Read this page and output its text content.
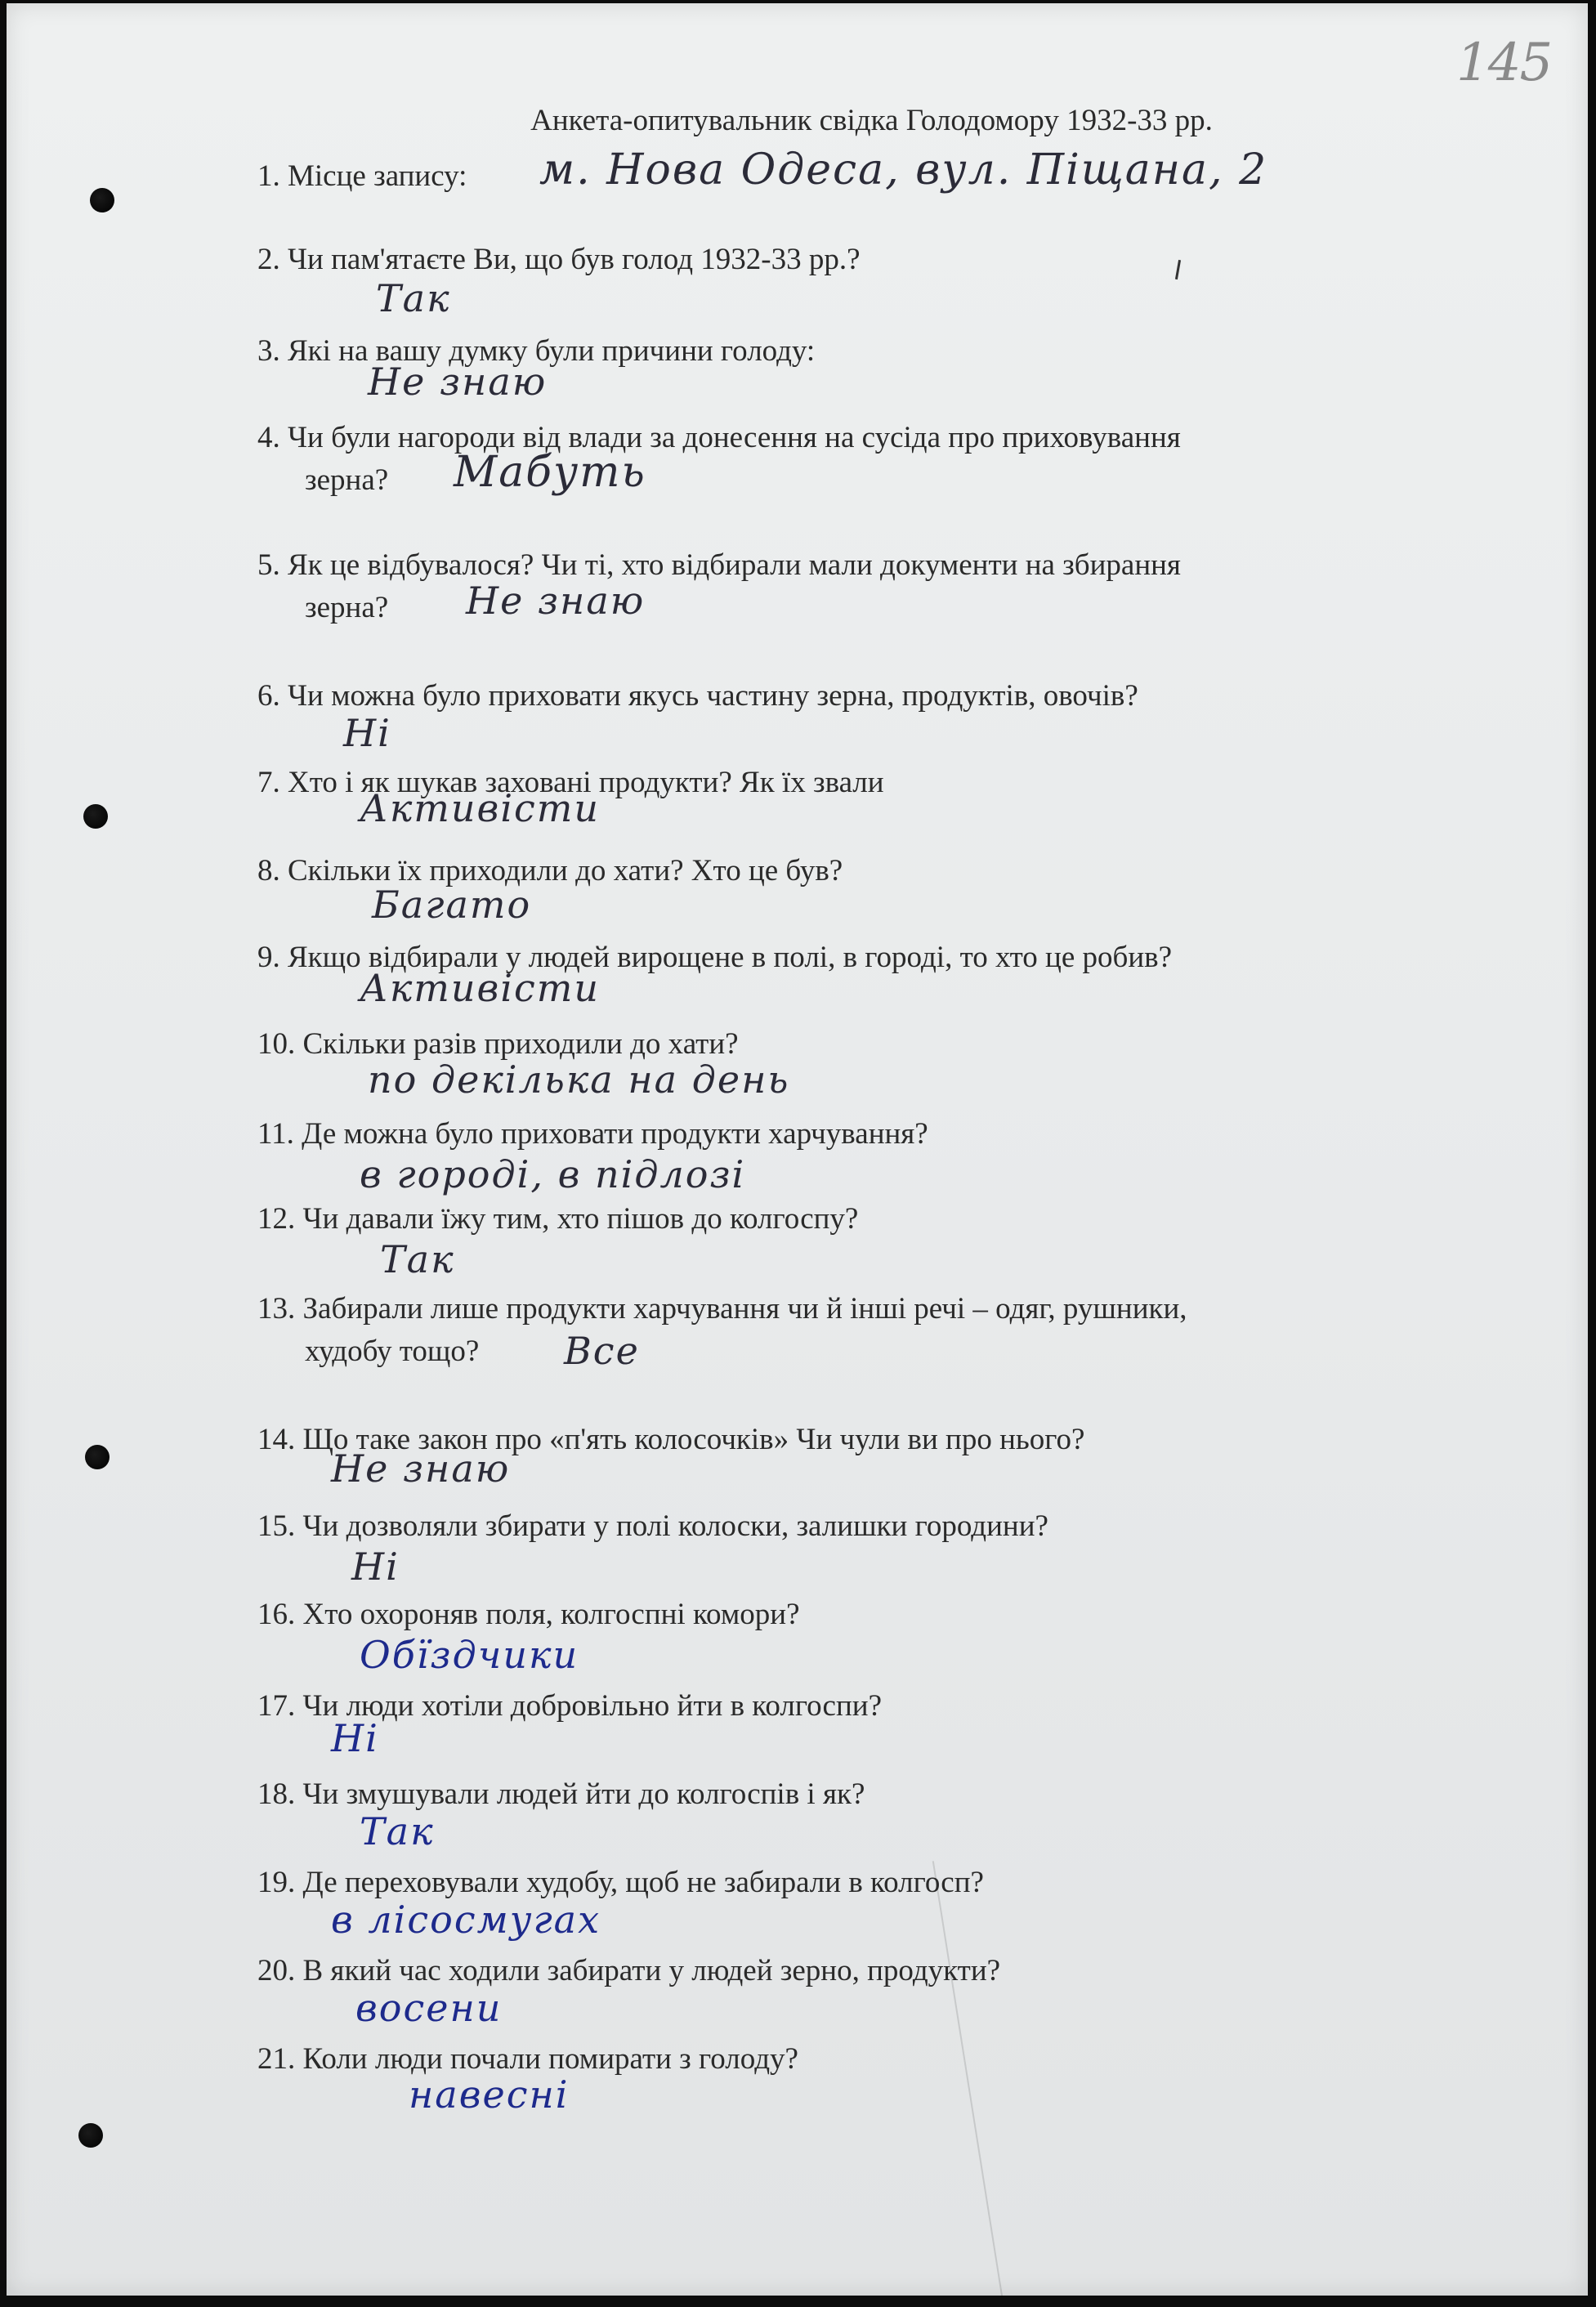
145
Анкета-опитувальник свідка Голодомору 1932-33 рр.
1. Місце запису: м. Нова Одеса, вул. Піщана, 2
2. Чи пам'ятаєте Ви, що був голод 1932-33 рр.?
Так
3. Які на вашу думку були причини голоду:
Не знаю
4. Чи були нагороди від влади за донесення на сусіда про приховування
зерна?	Мабуть
5. Як це відбувалося? Чи ті, хто відбирали мали документи на збирання
зерна?	Не знаю
6. Чи можна було приховати якусь частину зерна, продуктів, овочів?
Ні
7. Хто і як шукав заховані продукти? Як їх звали
Активісти
8. Скільки їх приходили до хати? Хто це був?
Багато
9. Якщо відбирали у людей вирощене в полі, в городі, то хто це робив?
Активісти
10. Скільки разів приходили до хати?
по декілька на день
11. Де можна було приховати продукти харчування?
в городі, в підлозі
12. Чи давали їжу тим, хто пішов до колгоспу?
Так
13. Забирали лише продукти харчування чи й інші речі – одяг, рушники,
худобу тощо?	Все
14. Що таке закон про «п'ять колосочків» Чи чули ви про нього?
Не знаю
15. Чи дозволяли збирати у полі колоски, залишки городини?
Ні
16. Хто охороняв поля, колгоспні комори?
Обїздчики
17. Чи люди хотіли добровільно йти в колгоспи?
Ні
18. Чи змушували людей йти до колгоспів і як?
Так
19. Де переховували худобу, щоб не забирали в колгосп?
в лісосмугах
20. В який час ходили забирати у людей зерно, продукти?
восени
21. Коли люди почали помирати з голоду?
навесні
